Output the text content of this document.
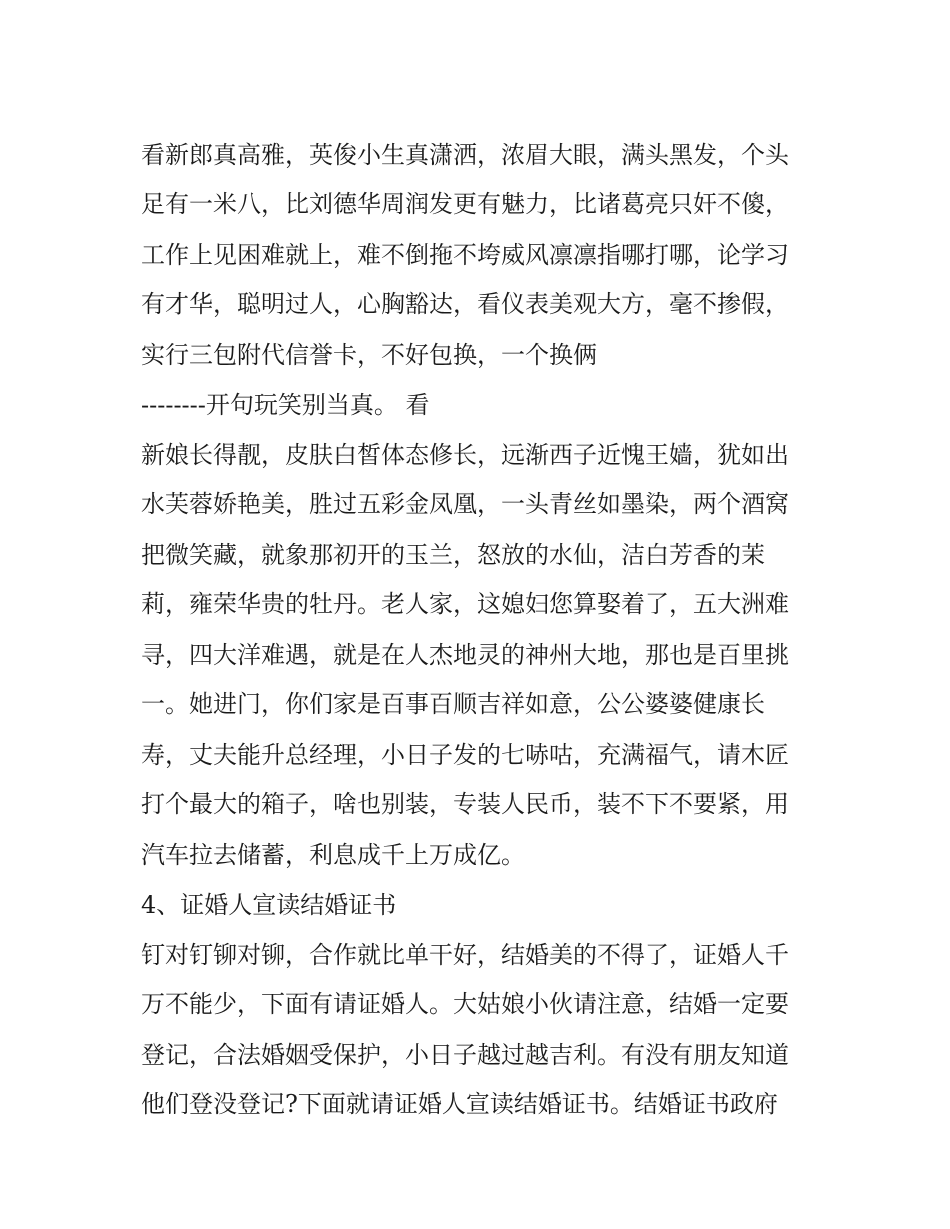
看新郎真高雅，英俊小生真潇洒，浓眉大眼，满头黑发，个头
足有一米八，比刘德华周润发更有魅力，比诸葛亮只奸不傻，
工作上见困难就上，难不倒拖不垮威风凛凛指哪打哪，论学习
有才华，聪明过人，心胸豁达，看仪表美观大方，毫不掺假，
实行三包附代信誉卡，不好包换，一个换俩
--------开句玩笑别当真。 看
新娘长得靓，皮肤白皙体态修长，远渐西子近愧王嫱，犹如出
水芙蓉娇艳美，胜过五彩金凤凰，一头青丝如墨染，两个酒窝
把微笑藏，就象那初开的玉兰，怒放的水仙，洁白芳香的茉
莉，雍荣华贵的牡丹。老人家，这媳妇您算娶着了，五大洲难
寻，四大洋难遇，就是在人杰地灵的神州大地，那也是百里挑
一。她进门，你们家是百事百顺吉祥如意，公公婆婆健康长
寿，丈夫能升总经理，小日子发的七哧咕，充满福气，请木匠
打个最大的箱子，啥也别装，专装人民币，装不下不要紧，用
汽车拉去储蓄，利息成千上万成亿。
4、证婚人宣读结婚证书
钉对钉铆对铆，合作就比单干好，结婚美的不得了，证婚人千
万不能少，下面有请证婚人。大姑娘小伙请注意，结婚一定要
登记，合法婚姻受保护，小日子越过越吉利。有没有朋友知道
他们登没登记?下面就请证婚人宣读结婚证书。结婚证书政府
